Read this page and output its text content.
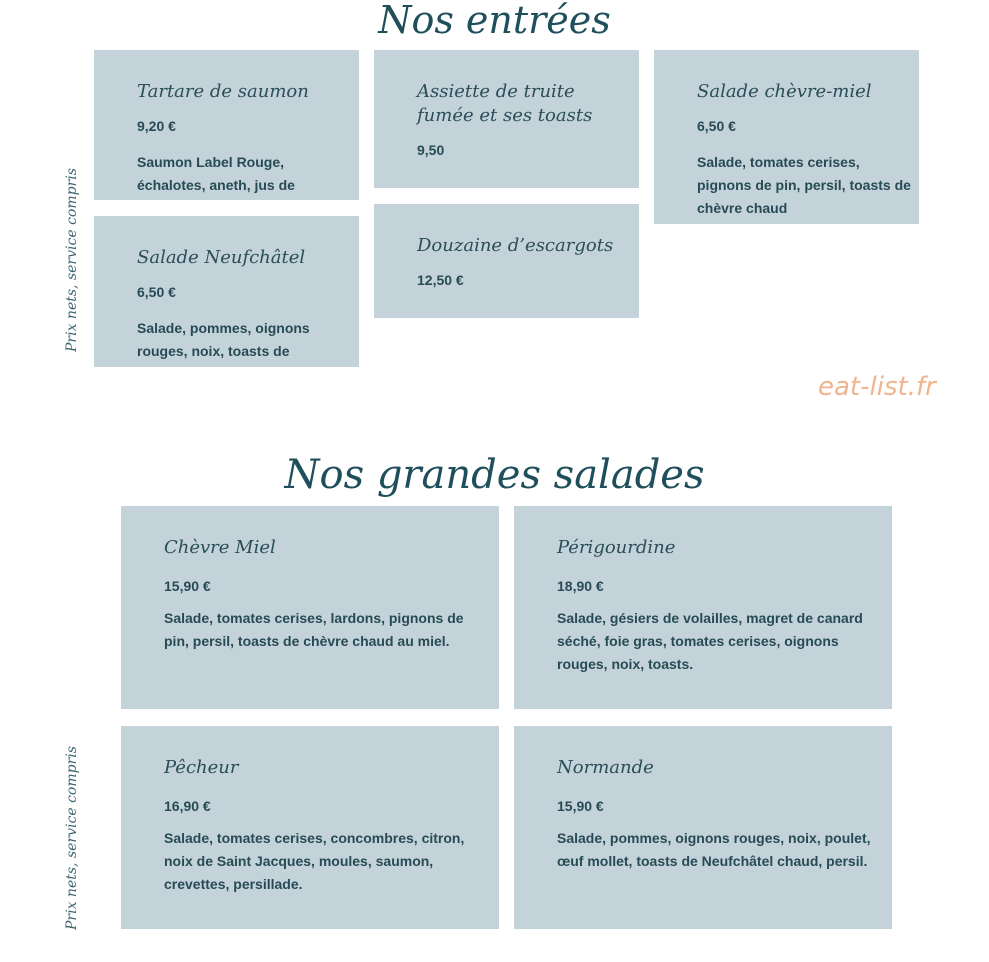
Nos entrées
Prix nets, service compris

Tartare de saumon

9,20 €

Saumon Label Rouge, échalotes, aneth, jus de

Salade Neufchâtel

6,50 €

Salade, pommes, oignons rouges, noix, toasts de

Assiette de truite fumée et ses toasts

9,50

Douzaine d’escargots

12,50 €

Salade chèvre-miel

6,50 €

Salade, tomates cerises, pignons de pin, persil, toasts de chèvre chaud

eat-list.fr
Nos grandes salades
Prix nets, service compris

Chèvre Miel

15,90 €

Salade, tomates cerises, lardons, pignons de pin, persil, toasts de chèvre chaud au miel.

Périgourdine

18,90 €

Salade, gésiers de volailles, magret de canard séché, foie gras, tomates cerises, oignons rouges, noix, toasts.

Pêcheur

16,90 €

Salade, tomates cerises, concombres, citron, noix de Saint Jacques, moules, saumon, crevettes, persillade.

Normande

15,90 €

Salade, pommes, oignons rouges, noix, poulet, œuf mollet, toasts de Neufchâtel chaud, persil.
